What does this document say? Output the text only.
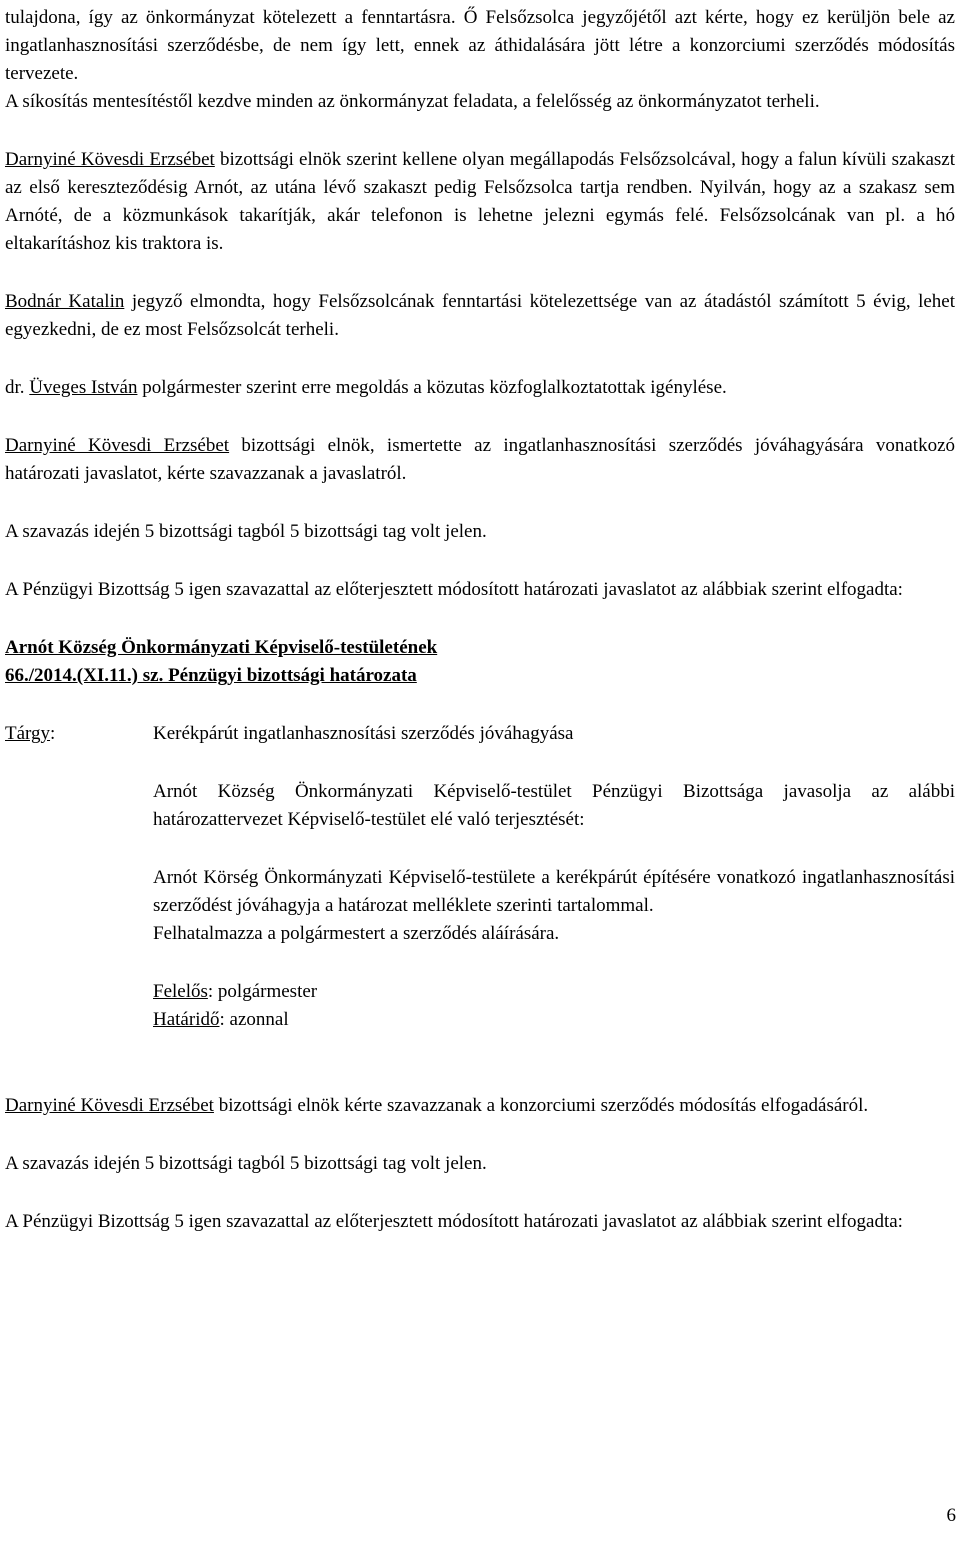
tulajdona, így az önkormányzat kötelezett a fenntartásra. Ő Felsőzsolca jegyzőjétől azt kérte, hogy ez kerüljön bele az ingatlanhasznosítási szerződésbe, de nem így lett, ennek az áthidalására jött létre a konzorciumi szerződés módosítás tervezete.

A síkosítás mentesítéstől kezdve minden az önkormányzat feladata, a felelősség az önkormányzatot terheli.

Darnyiné Kövesdi Erzsébet bizottsági elnök szerint kellene olyan megállapodás Felsőzsolcával, hogy a falun kívüli szakaszt az első kereszteződésig Arnót, az utána lévő szakaszt pedig Felsőzsolca tartja rendben. Nyilván, hogy az a szakasz sem Arnóté, de a közmunkások takarítják, akár telefonon is lehetne jelezni egymás felé. Felsőzsolcának van pl. a hó eltakarításhoz kis traktora is.

Bodnár Katalin jegyző elmondta, hogy Felsőzsolcának fenntartási kötelezettsége van az átadástól számított 5 évig, lehet egyezkedni, de ez most Felsőzsolcát terheli.

dr. Üveges István polgármester szerint erre megoldás a közutas közfoglalkoztatottak igénylése.

Darnyiné Kövesdi Erzsébet bizottsági elnök, ismertette az ingatlanhasznosítási szerződés jóváhagyására vonatkozó határozati javaslatot, kérte szavazzanak a javaslatról.

A szavazás idején 5 bizottsági tagból 5 bizottsági tag volt jelen.

A Pénzügyi Bizottság 5 igen szavazattal az előterjesztett módosított határozati javaslatot az alábbiak szerint elfogadta:

Arnót Község Önkormányzati Képviselő-testületének
66./2014.(XI.11.) sz. Pénzügyi bizottsági határozata
Tárgy:	Kerékpárút ingatlanhasznosítási szerződés jóváhagyása

Arnót Község Önkormányzati Képviselő-testület Pénzügyi Bizottsága javasolja az alábbi határozattervezet Képviselő-testület elé való terjesztését:

Arnót Körség Önkormányzati Képviselő-testülete a kerékpárút építésére vonatkozó ingatlanhasznosítási szerződést jóváhagyja a határozat melléklete szerinti tartalommal.

Felhatalmazza a polgármestert a szerződés aláírására.

Felelős: polgármester

Határidő: azonnal

Darnyiné Kövesdi Erzsébet bizottsági elnök kérte szavazzanak a konzorciumi szerződés módosítás elfogadásáról.

A szavazás idején 5 bizottsági tagból 5 bizottsági tag volt jelen.

A Pénzügyi Bizottság 5 igen szavazattal az előterjesztett módosított határozati javaslatot az alábbiak szerint elfogadta:

6
